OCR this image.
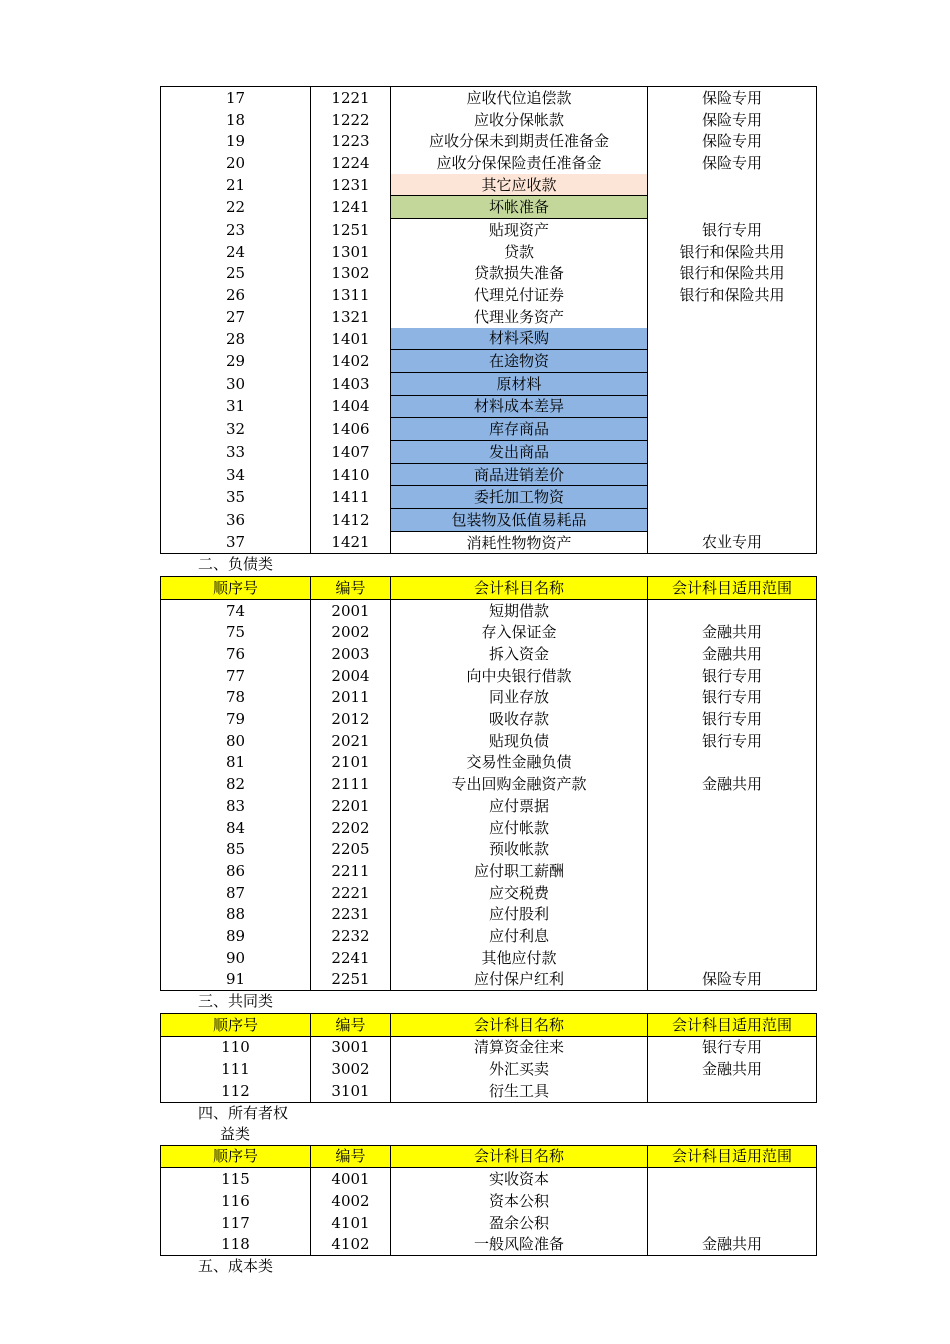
17	1221	应收代位追偿款	保险专用
18	1222	应收分保帐款	保险专用
19	1223	应收分保未到期责任准备金	保险专用
20	1224	应收分保保险责任准备金	保险专用
21	1231	其它应收款	
22	1241	坏帐准备	
23	1251	贴现资产	银行专用
24	1301	贷款	银行和保险共用
25	1302	贷款损失准备	银行和保险共用
26	1311	代理兑付证券	银行和保险共用
27	1321	代理业务资产	
28	1401	材料采购	
29	1402	在途物资	
30	1403	原材料	
31	1404	材料成本差异	
32	1406	库存商品	
33	1407	发出商品	
34	1410	商品进销差价	
35	1411	委托加工物资	
36	1412	包装物及低值易耗品	
37	1421	消耗性物物资产	农业专用
二、负债类
顺序号	编号	会计科目名称	会计科目适用范围
74	2001	短期借款	
75	2002	存入保证金	金融共用
76	2003	拆入资金	金融共用
77	2004	向中央银行借款	银行专用
78	2011	同业存放	银行专用
79	2012	吸收存款	银行专用
80	2021	贴现负债	银行专用
81	2101	交易性金融负债	
82	2111	专出回购金融资产款	金融共用
83	2201	应付票据	
84	2202	应付帐款	
85	2205	预收帐款	
86	2211	应付职工薪酬	
87	2221	应交税费	
88	2231	应付股利	
89	2232	应付利息	
90	2241	其他应付款	
91	2251	应付保户红利	保险专用
三、共同类
顺序号	编号	会计科目名称	会计科目适用范围
110	3001	清算资金往来	银行专用
111	3002	外汇买卖	金融共用
112	3101	衍生工具	
四、所有者权
益类
顺序号	编号	会计科目名称	会计科目适用范围
115	4001	实收资本	
116	4002	资本公积	
117	4101	盈余公积	
118	4102	一般风险准备	金融共用
五、成本类
